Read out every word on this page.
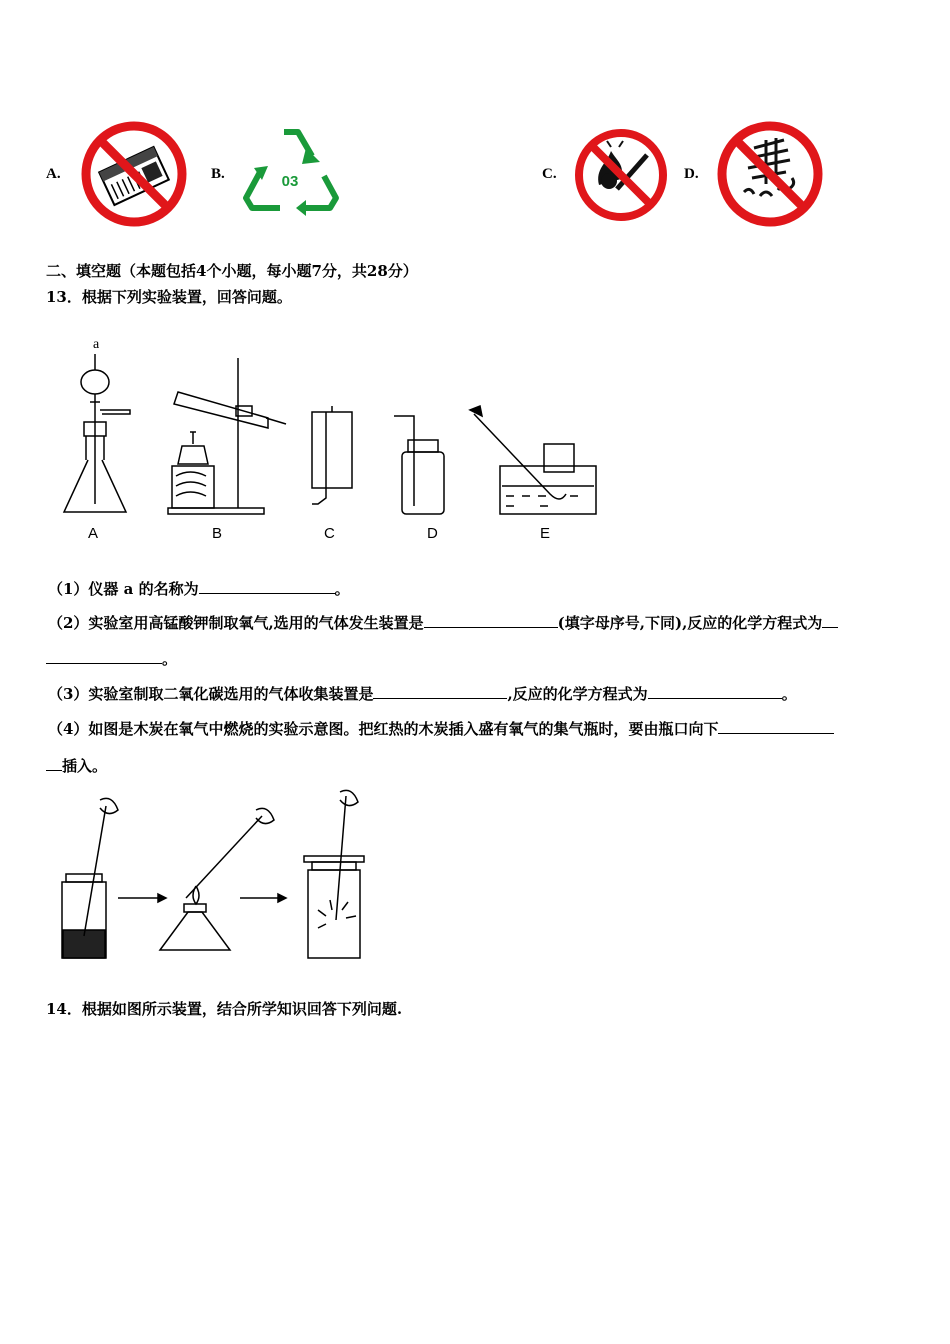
A.	B.	03	C.	D.
二、填空题（本题包括4个小题，每小题7分，共28分）
13．根据下列实验装置，回答问题。
a
A	B	C	D	E
（1）仪器 a 的名称为	。
（2）实验室用高锰酸钾制取氧气,选用的气体发生装置是	(填字母序号,下同),反应的化学方程式为
。
（3）实验室制取二氧化碳选用的气体收集装置是	,反应的化学方程式为	。
（4）如图是木炭在氧气中燃烧的实验示意图。把红热的木炭插入盛有氧气的集气瓶时，要由瓶口向下
插入。
14．根据如图所示装置，结合所学知识回答下列问题.
